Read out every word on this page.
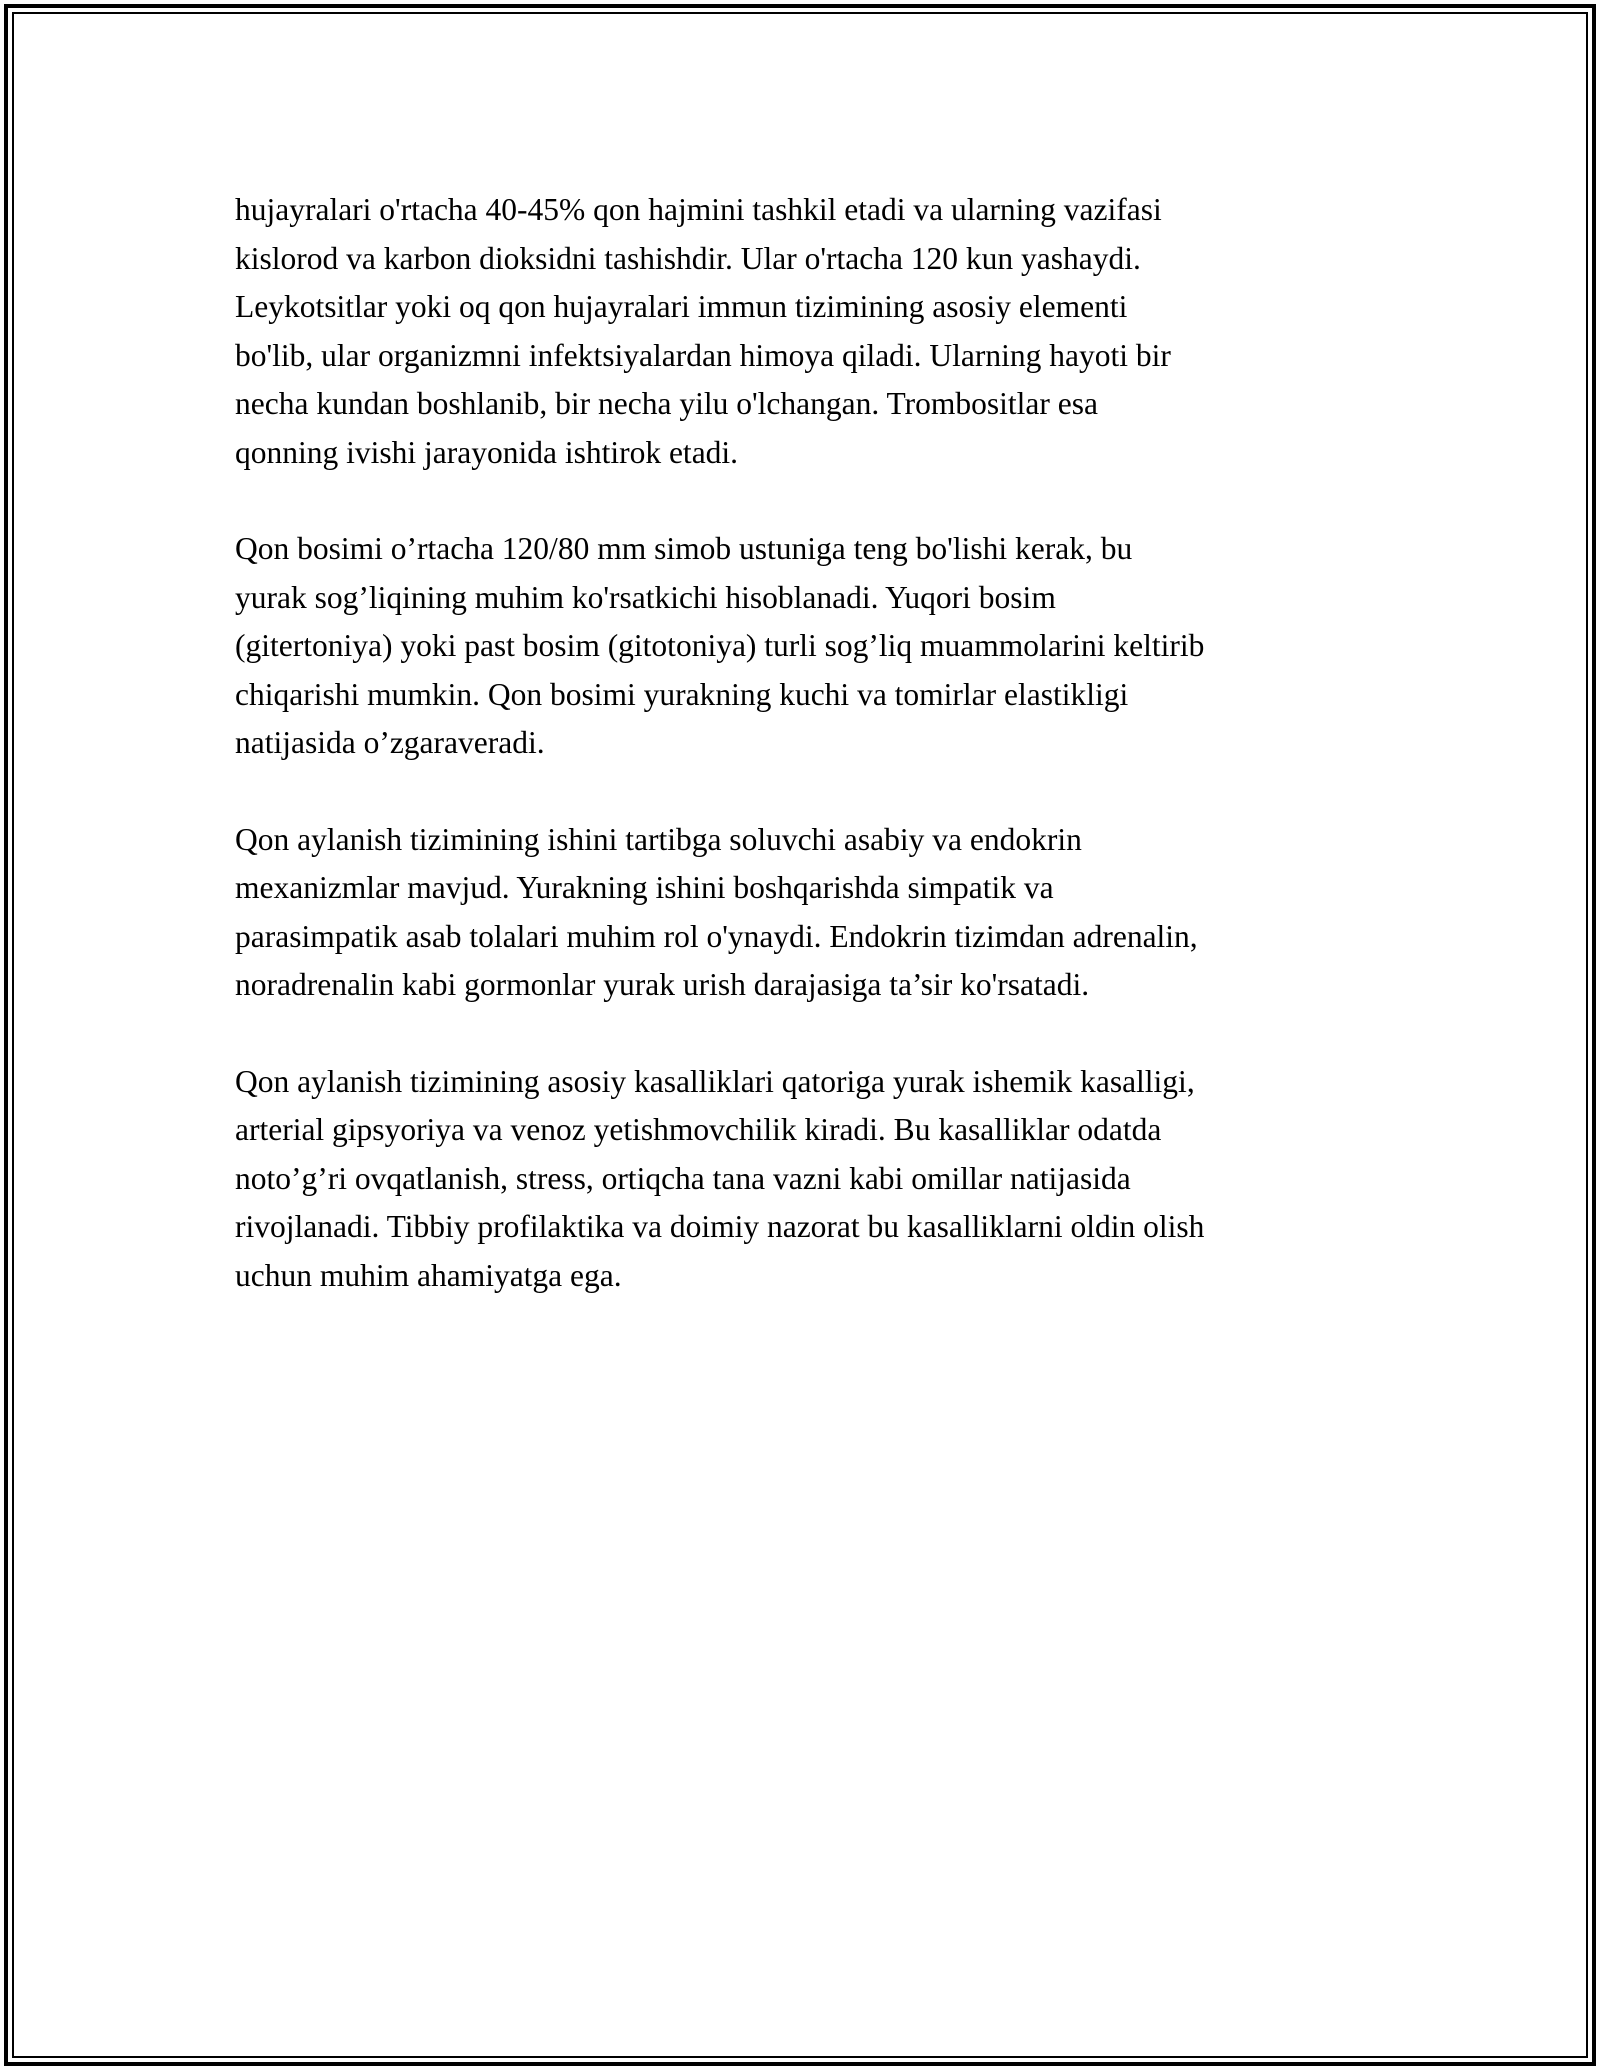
hujayralari o'rtacha 40-45% qon hajmini tashkil etadi va ularning vazifasi
kislorod va karbon dioksidni tashishdir. Ular o'rtacha 120 kun yashaydi.
Leykotsitlar yoki oq qon hujayralari immun tizimining asosiy elementi
bo'lib, ular organizmni infektsiyalardan himoya qiladi. Ularning hayoti bir
necha kundan boshlanib, bir necha yilu o'lchangan. Trombositlar esa
qonning ivishi jarayonida ishtirok etadi.

Qon bosimi o’rtacha 120/80 mm simob ustuniga teng bo'lishi kerak, bu
yurak sog’liqining muhim ko'rsatkichi hisoblanadi. Yuqori bosim
(gitertoniya) yoki past bosim (gitotoniya) turli sog’liq muammolarini keltirib
chiqarishi mumkin. Qon bosimi yurakning kuchi va tomirlar elastikligi
natijasida o’zgaraveradi.

Qon aylanish tizimining ishini tartibga soluvchi asabiy va endokrin
mexanizmlar mavjud. Yurakning ishini boshqarishda simpatik va
parasimpatik asab tolalari muhim rol o'ynaydi. Endokrin tizimdan adrenalin,
noradrenalin kabi gormonlar yurak urish darajasiga ta’sir ko'rsatadi.

Qon aylanish tizimining asosiy kasalliklari qatoriga yurak ishemik kasalligi,
arterial gipsyoriya va venoz yetishmovchilik kiradi. Bu kasalliklar odatda
noto’g’ri ovqatlanish, stress, ortiqcha tana vazni kabi omillar natijasida
rivojlanadi. Tibbiy profilaktika va doimiy nazorat bu kasalliklarni oldin olish
uchun muhim ahamiyatga ega.
